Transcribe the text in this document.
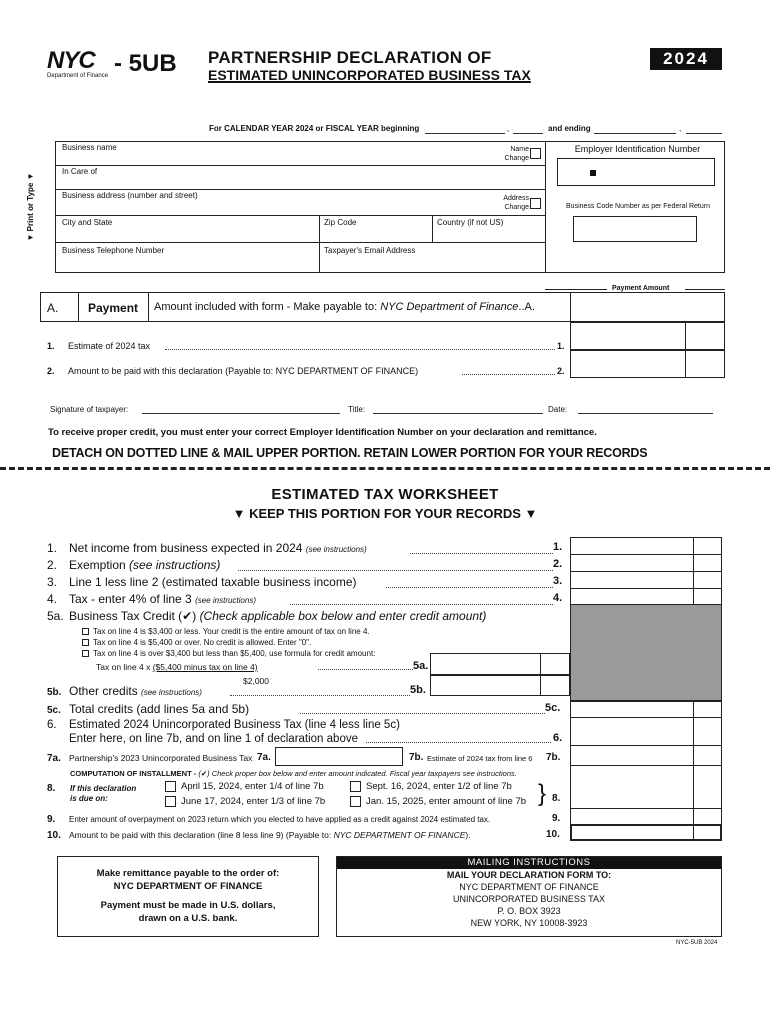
NYC
Department of Finance - 5UB PARTNERSHIP DECLARATION OF
ESTIMATED UNINCORPORATED BUSINESS TAX
2024
For CALENDAR YEAR 2024 or FISCAL YEAR beginning	,	and ending	,
▼ Print or Type ▼
Business name	Name
Change
In Care of
Business address (number and street)	Address
Change
City and State	Zip Code	Country (if not US)
Business Telephone Number	Taxpayer's Email Address
Employer Identification Number
Business Code Number as per Federal Return
Payment Amount
A. Payment Amount included with form - Make payable to: NYC Department of Finance..A.
1. Estimate of 2024 tax	1.
2. Amount to be paid with this declaration (Payable to: NYC DEPARTMENT OF FINANCE)	2.
Signature of taxpayer:	Title:	Date:
To receive proper credit, you must enter your correct Employer Identification Number on your declaration and remittance.
DETACH ON DOTTED LINE & MAIL UPPER PORTION. RETAIN LOWER PORTION FOR YOUR RECORDS
ESTIMATED TAX WORKSHEET
▼ KEEP THIS PORTION FOR YOUR RECORDS ▼
1. Net income from business expected in 2024 (see instructions)	1.
2. Exemption (see instructions)	2.
3. Line 1 less line 2 (estimated taxable business income)	3.
4. Tax - enter 4% of line 3 (see instructions)	4.
5a. Business Tax Credit (✔) (Check applicable box below and enter credit amount)
Tax on line 4 is $3,400 or less. Your credit is the entire amount of tax on line 4.
Tax on line 4 is $5,400 or over. No credit is allowed. Enter "0".
Tax on line 4 is over $3,400 but less than $5,400, use formula for credit amount:
Tax on line 4 x ($5,400 minus tax on line 4)	5a.
$2,000
5b. Other credits (see instructions)	5b.
5c. Total credits (add lines 5a and 5b)	5c.
6. Estimated 2024 Unincorporated Business Tax (line 4 less line 5c)
Enter here, on line 7b, and on line 1 of declaration above	6.
7a. Partnership's 2023 Unincorporated Business Tax 7a.	7b. Estimate of 2024 tax from line 6 7b.
COMPUTATION OF INSTALLMENT - (✔) Check proper box below and enter amount indicated. Fiscal year taxpayers see instructions.
8. If this declaration
is due on:
April 15, 2024, enter 1/4 of line 7b
June 17, 2024, enter 1/3 of line 7b
Sept. 16, 2024, enter 1/2 of line 7b
Jan. 15, 2025, enter amount of line 7b } 8.
9. Enter amount of overpayment on 2023 return which you elected to have applied as a credit against 2024 estimated tax.	9.
10. Amount to be paid with this declaration (line 8 less line 9) (Payable to: NYC DEPARTMENT OF FINANCE).	10.
Make remittance payable to the order of:
NYC DEPARTMENT OF FINANCE
Payment must be made in U.S. dollars,
drawn on a U.S. bank.
MAILING INSTRUCTIONS
MAIL YOUR DECLARATION FORM TO:
NYC DEPARTMENT OF FINANCE
UNINCORPORATED BUSINESS TAX
P. O. BOX 3923
NEW YORK, NY 10008-3923
NYC-5UB 2024
